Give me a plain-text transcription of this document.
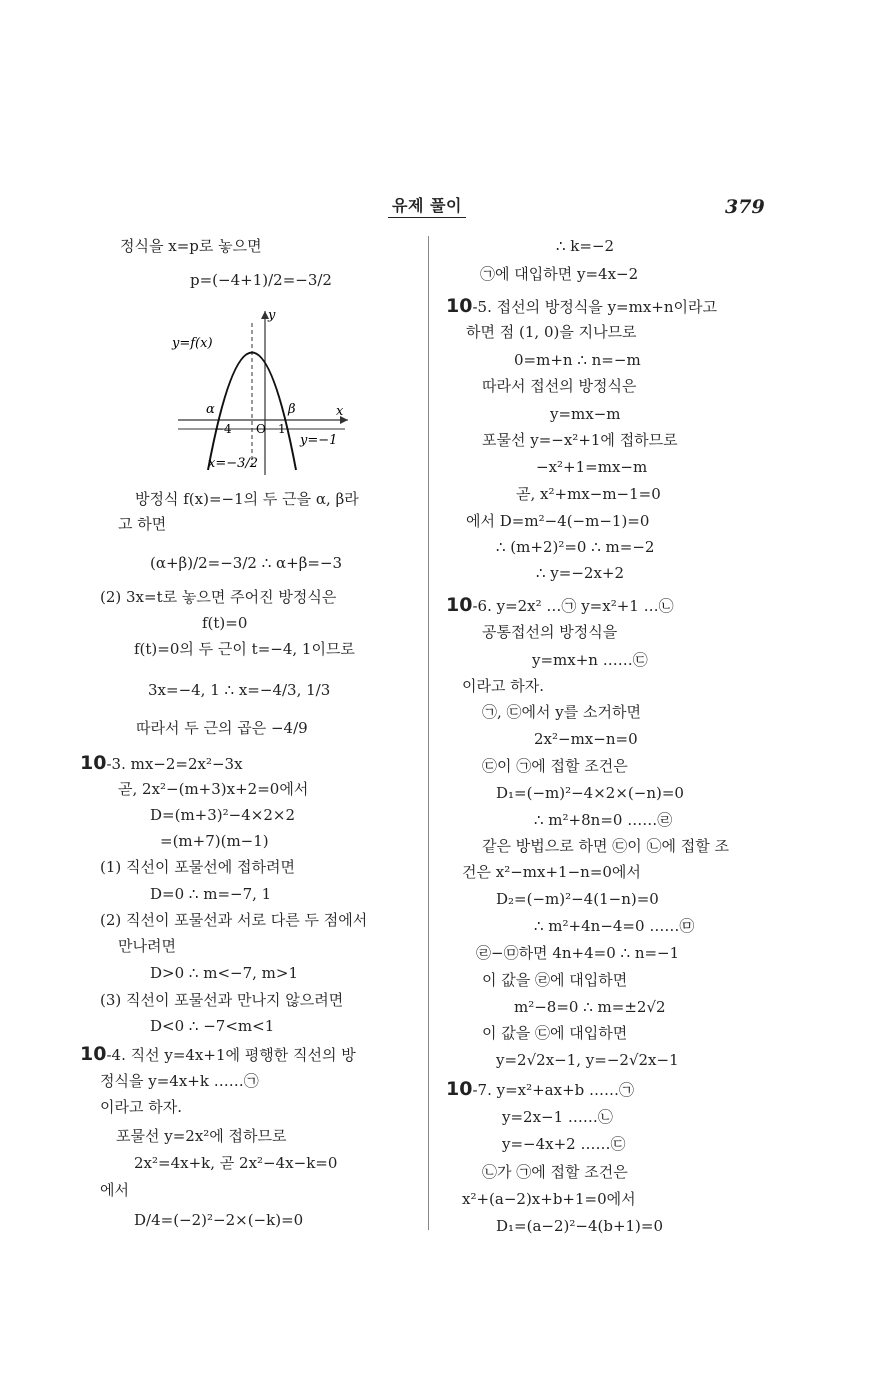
유제 풀이	379
정식을 x=p로 놓으면
p=(−4+1)/2=−3/2
방정식 f(x)=−1의 두 근을 α, β라
고 하면
(α+β)/2=−3/2 ∴ α+β=−3
(2) 3x=t로 놓으면 주어진 방정식은
f(t)=0
f(t)=0의 두 근이 t=−4, 1이므로
3x=−4, 1 ∴ x=−4/3, 1/3
따라서 두 근의 곱은 −4/9
10-3. mx−2=2x²−3x
곧, 2x²−(m+3)x+2=0에서
D=(m+3)²−4×2×2
=(m+7)(m−1)
(1) 직선이 포물선에 접하려면
D=0 ∴ m=−7, 1
(2) 직선이 포물선과 서로 다른 두 점에서
만나려면
D>0 ∴ m<−7, m>1
(3) 직선이 포물선과 만나지 않으려면
D<0 ∴ −7<m<1
10-4. 직선 y=4x+1에 평행한 직선의 방
정식을 y=4x+k ……㉠
이라고 하자.
포물선 y=2x²에 접하므로
2x²=4x+k, 곧 2x²−4x−k=0
에서
D/4=(−2)²−2×(−k)=0
∴ k=−2
㉠에 대입하면 y=4x−2
10-5. 접선의 방정식을 y=mx+n이라고
하면 점 (1, 0)을 지나므로
0=m+n ∴ n=−m
따라서 접선의 방정식은
y=mx−m
포물선 y=−x²+1에 접하므로
−x²+1=mx−m
곧, x²+mx−m−1=0
에서 D=m²−4(−m−1)=0
∴ (m+2)²=0 ∴ m=−2
∴ y=−2x+2
10-6. y=2x² …㉠ y=x²+1 …㉡
공통접선의 방정식을
y=mx+n ……㉢
이라고 하자.
㉠, ㉢에서 y를 소거하면
2x²−mx−n=0
㉢이 ㉠에 접할 조건은
D₁=(−m)²−4×2×(−n)=0
∴ m²+8n=0 ……㉣
같은 방법으로 하면 ㉢이 ㉡에 접할 조
건은 x²−mx+1−n=0에서
D₂=(−m)²−4(1−n)=0
∴ m²+4n−4=0 ……㉤
㉣−㉤하면 4n+4=0 ∴ n=−1
이 값을 ㉣에 대입하면
m²−8=0 ∴ m=±2√2
이 값을 ㉢에 대입하면
y=2√2x−1, y=−2√2x−1
10-7. y=x²+ax+b ……㉠
y=2x−1 ……㉡
y=−4x+2 ……㉢
㉡가 ㉠에 접할 조건은
x²+(a−2)x+b+1=0에서
D₁=(a−2)²−4(b+1)=0
y
y=f(x)
x
α	β
−4 O 1
y=−1
x=−3/2
